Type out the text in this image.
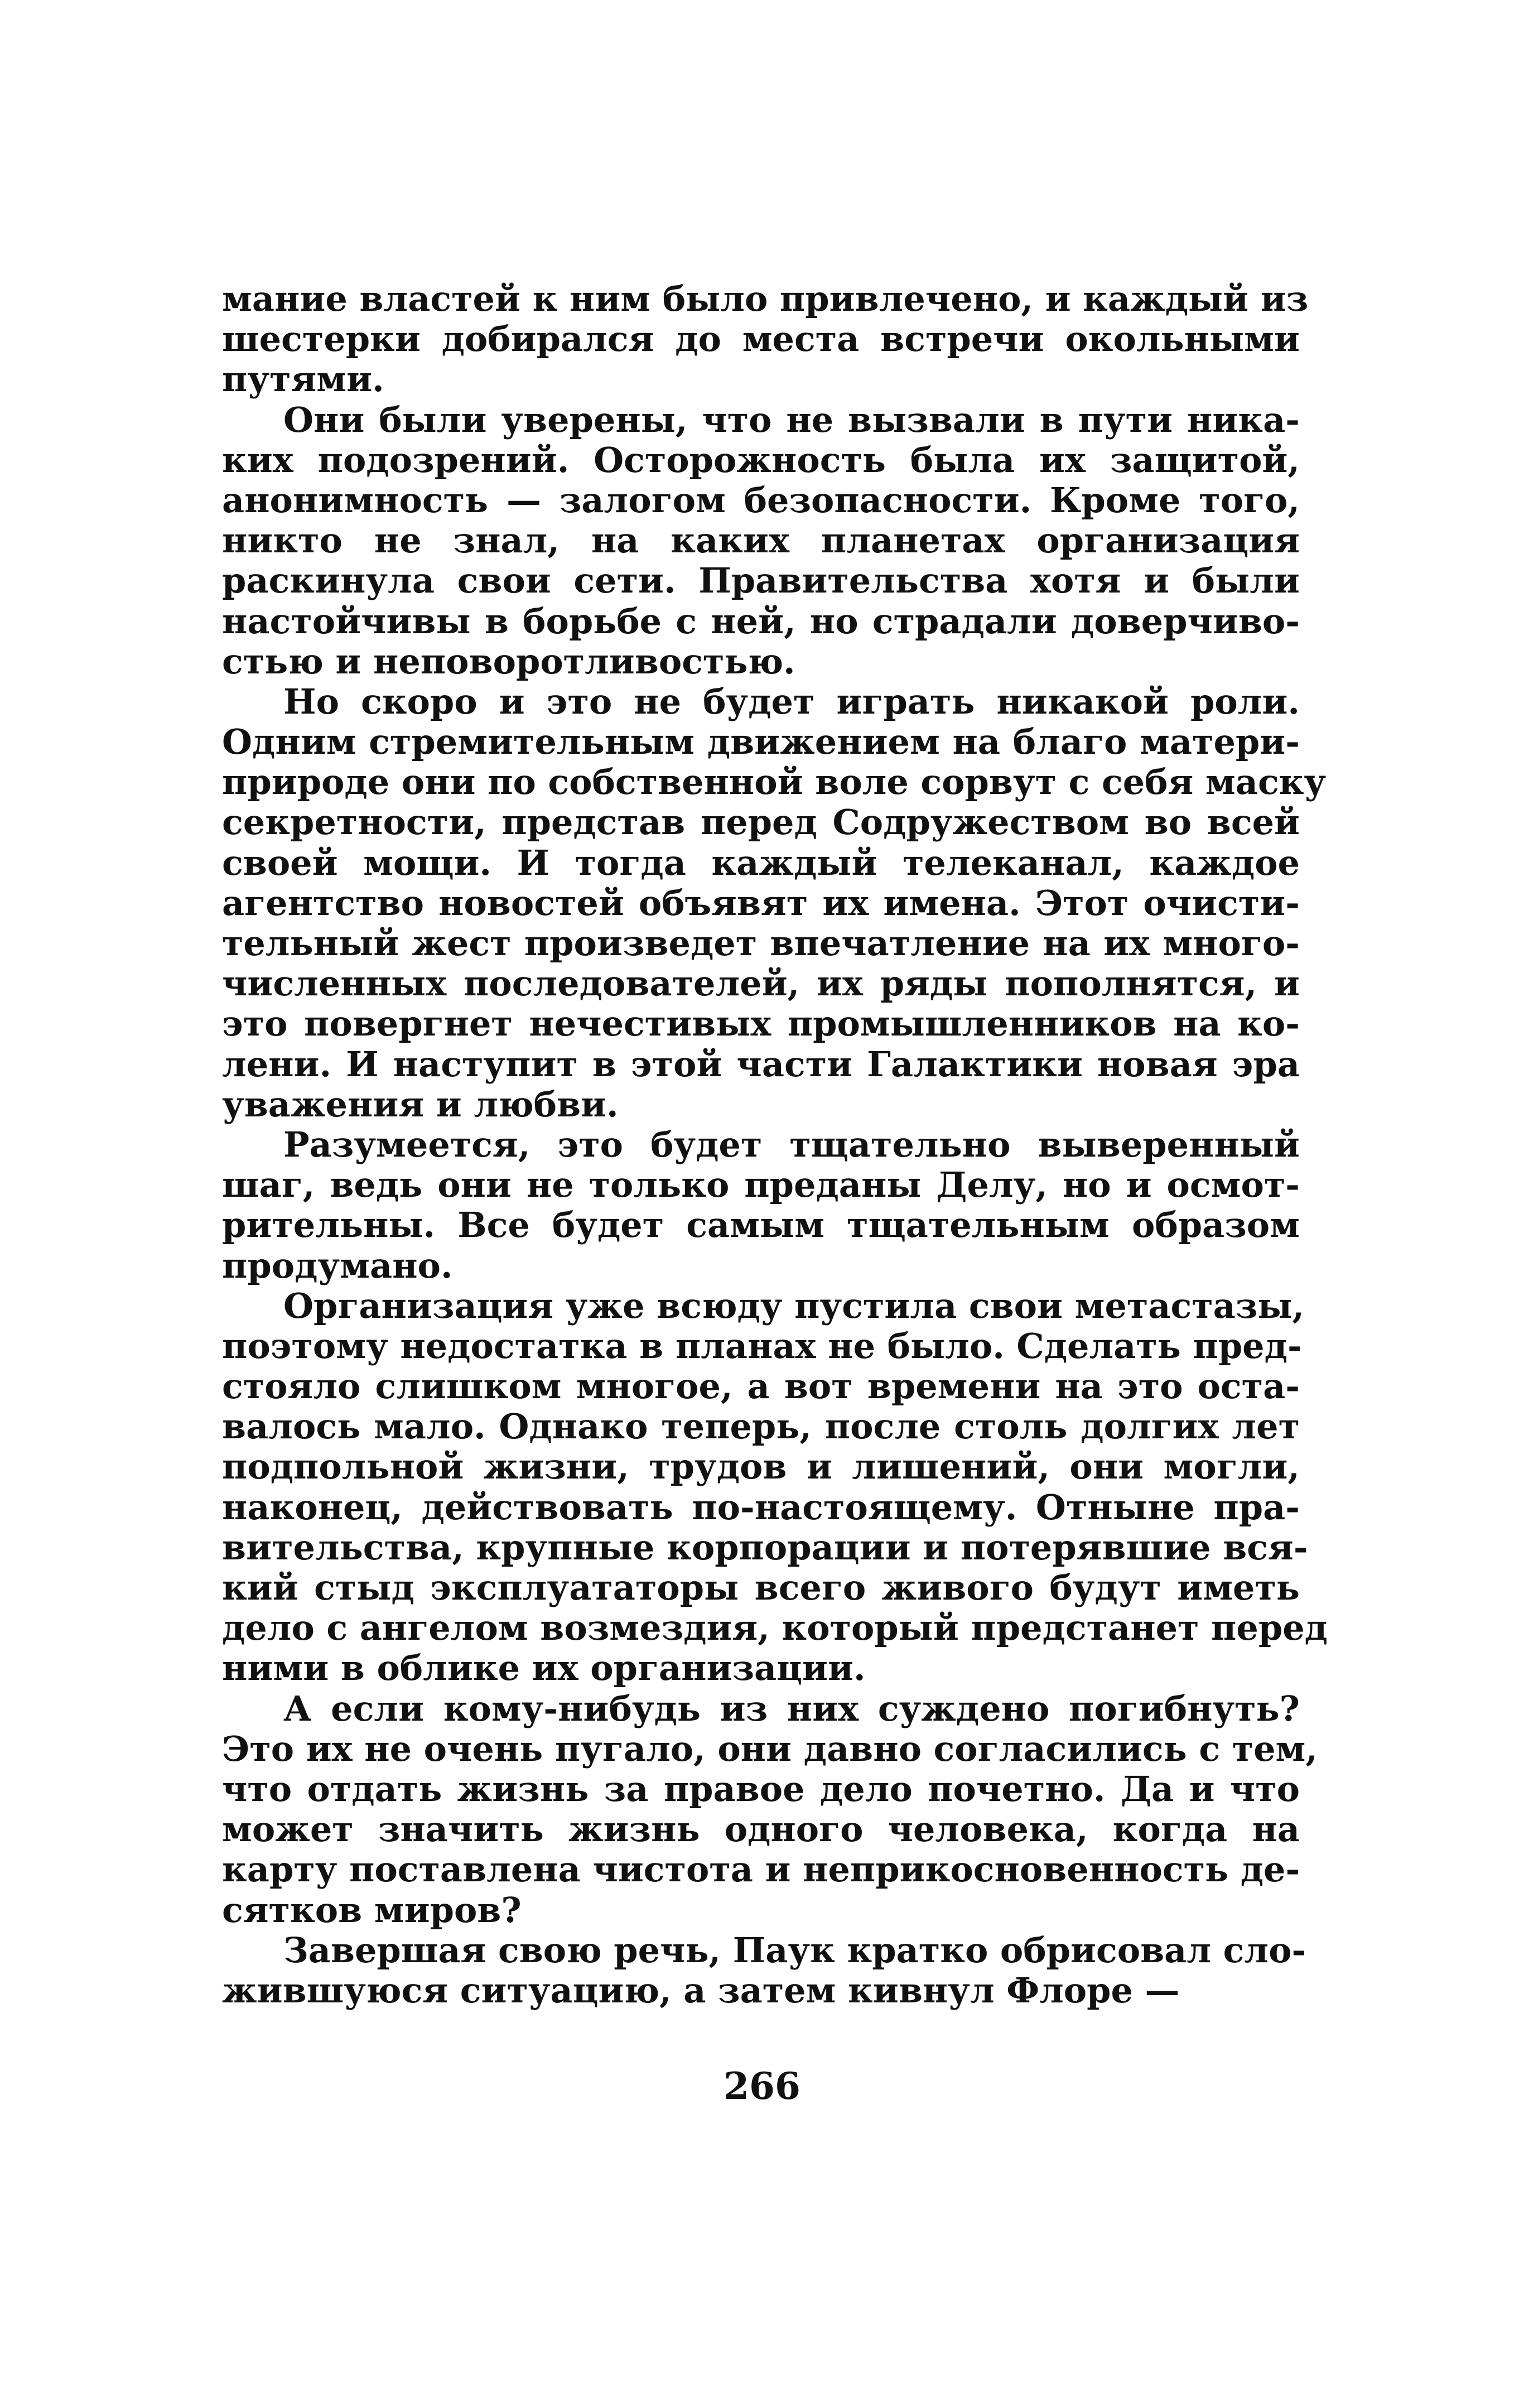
мание властей к ним было привлечено, и каждый из
шестерки добирался до места встречи окольными
путями.
Они были уверены, что не вызвали в пути ника-
ких подозрений. Осторожность была их защитой,
анонимность — залогом безопасности. Кроме того,
никто не знал, на каких планетах организация
раскинула свои сети. Правительства хотя и были
настойчивы в борьбе с ней, но страдали доверчиво-
стью и неповоротливостью.
Но скоро и это не будет играть никакой роли.
Одним стремительным движением на благо матери-
природе они по собственной воле сорвут с себя маску
секретности, представ перед Содружеством во всей
своей мощи. И тогда каждый телеканал, каждое
агентство новостей объявят их имена. Этот очисти-
тельный жест произведет впечатление на их много-
численных последователей, их ряды пополнятся, и
это повергнет нечестивых промышленников на ко-
лени. И наступит в этой части Галактики новая эра
уважения и любви.
Разумеется, это будет тщательно выверенный
шаг, ведь они не только преданы Делу, но и осмот-
рительны. Все будет самым тщательным образом
продумано.
Организация уже всюду пустила свои метастазы,
поэтому недостатка в планах не было. Сделать пред-
стояло слишком многое, а вот времени на это оста-
валось мало. Однако теперь, после столь долгих лет
подпольной жизни, трудов и лишений, они могли,
наконец, действовать по-настоящему. Отныне пра-
вительства, крупные корпорации и потерявшие вся-
кий стыд эксплуататоры всего живого будут иметь
дело с ангелом возмездия, который предстанет перед
ними в облике их организации.
А если кому-нибудь из них суждено погибнуть?
Это их не очень пугало, они давно согласились с тем,
что отдать жизнь за правое дело почетно. Да и что
может значить жизнь одного человека, когда на
карту поставлена чистота и неприкосновенность де-
сятков миров?
Завершая свою речь, Паук кратко обрисовал сло-
жившуюся ситуацию, а затем кивнул Флоре —
266
